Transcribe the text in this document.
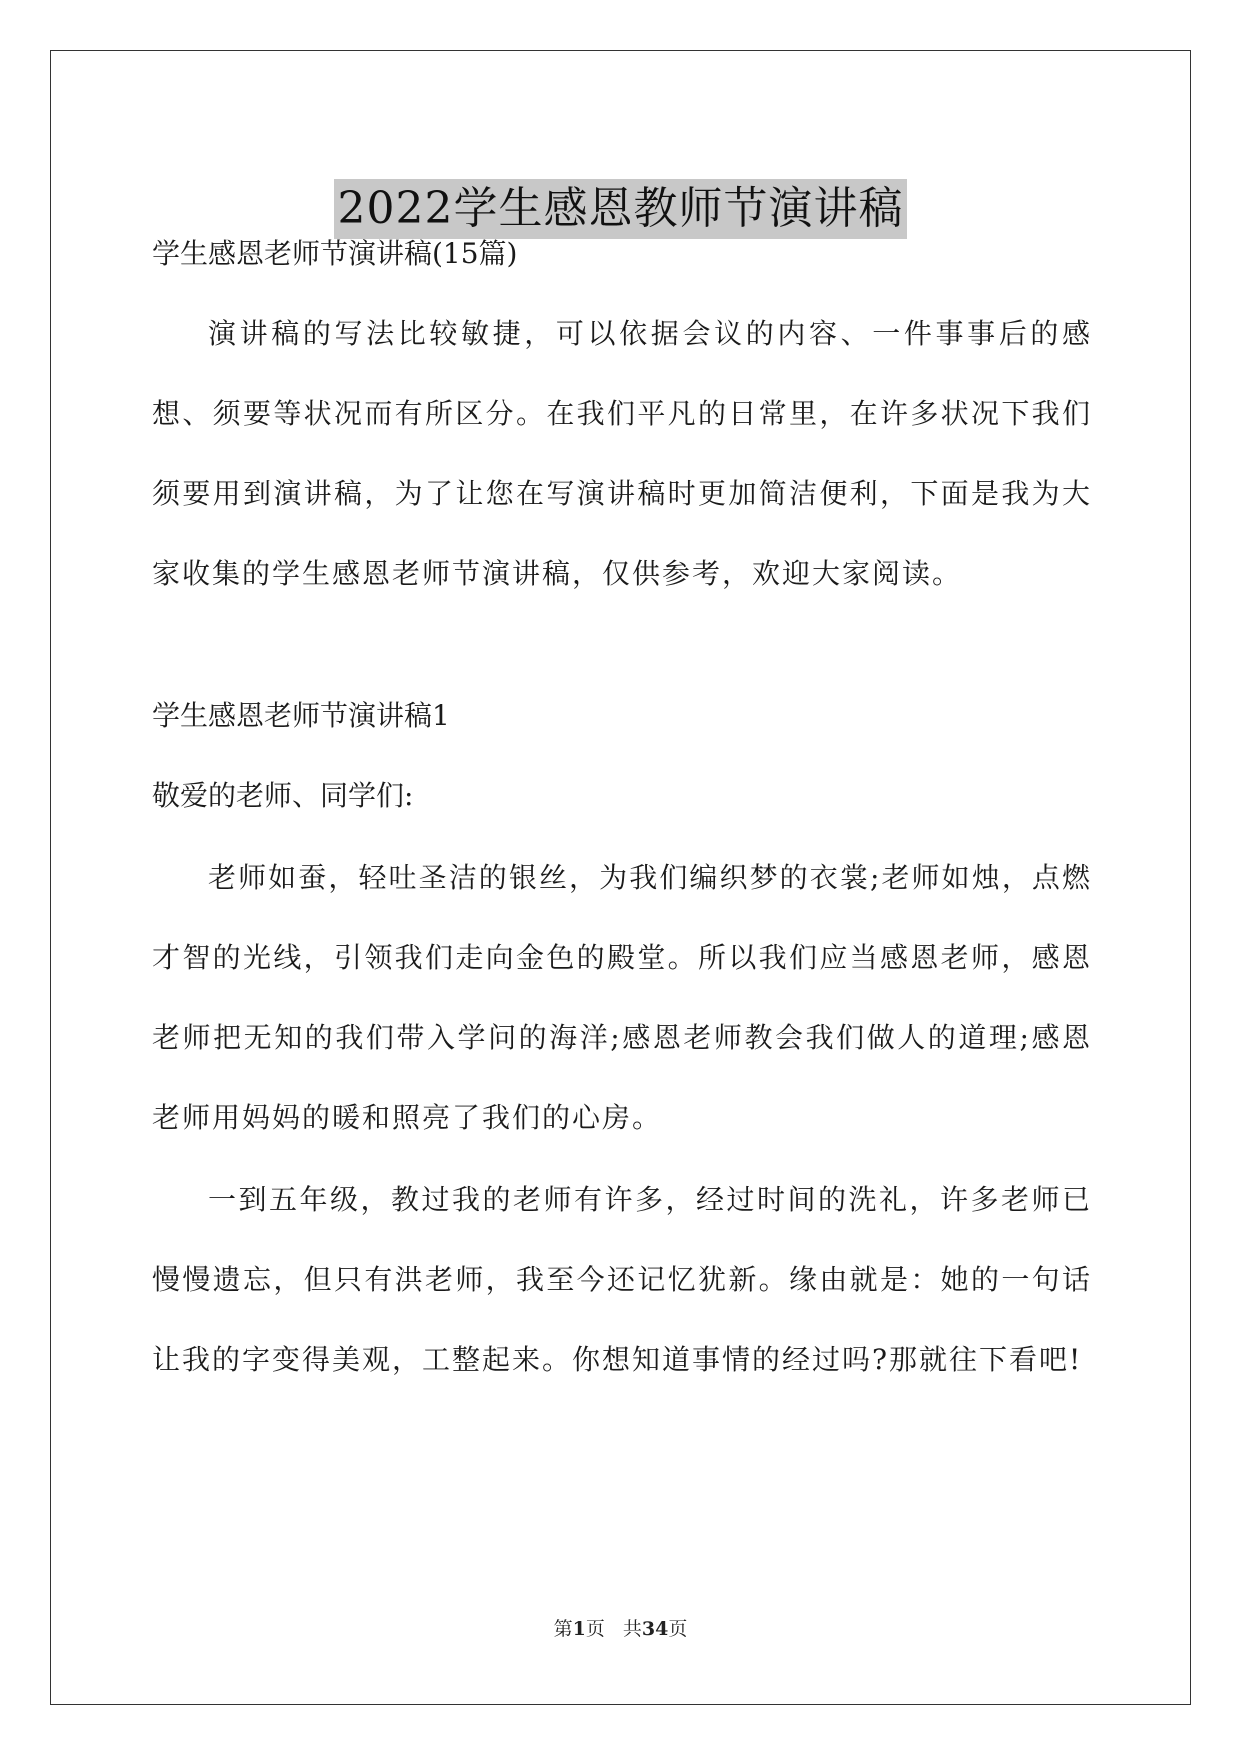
2022学生感恩教师节演讲稿

学生感恩老师节演讲稿(15篇)

演讲稿的写法比较敏捷，可以依据会议的内容、一件事事后的感想、须要等状况而有所区分。在我们平凡的日常里，在许多状况下我们须要用到演讲稿，为了让您在写演讲稿时更加简洁便利，下面是我为大家收集的学生感恩老师节演讲稿，仅供参考，欢迎大家阅读。

学生感恩老师节演讲稿1

敬爱的老师、同学们:

老师如蚕，轻吐圣洁的银丝，为我们编织梦的衣裳;老师如烛，点燃才智的光线，引领我们走向金色的殿堂。所以我们应当感恩老师，感恩老师把无知的我们带入学问的海洋;感恩老师教会我们做人的道理;感恩老师用妈妈的暖和照亮了我们的心房。

一到五年级，教过我的老师有许多，经过时间的洗礼，许多老师已慢慢遗忘，但只有洪老师，我至今还记忆犹新。缘由就是：她的一句话让我的字变得美观，工整起来。你想知道事情的经过吗?那就往下看吧!

第1页 共34页
